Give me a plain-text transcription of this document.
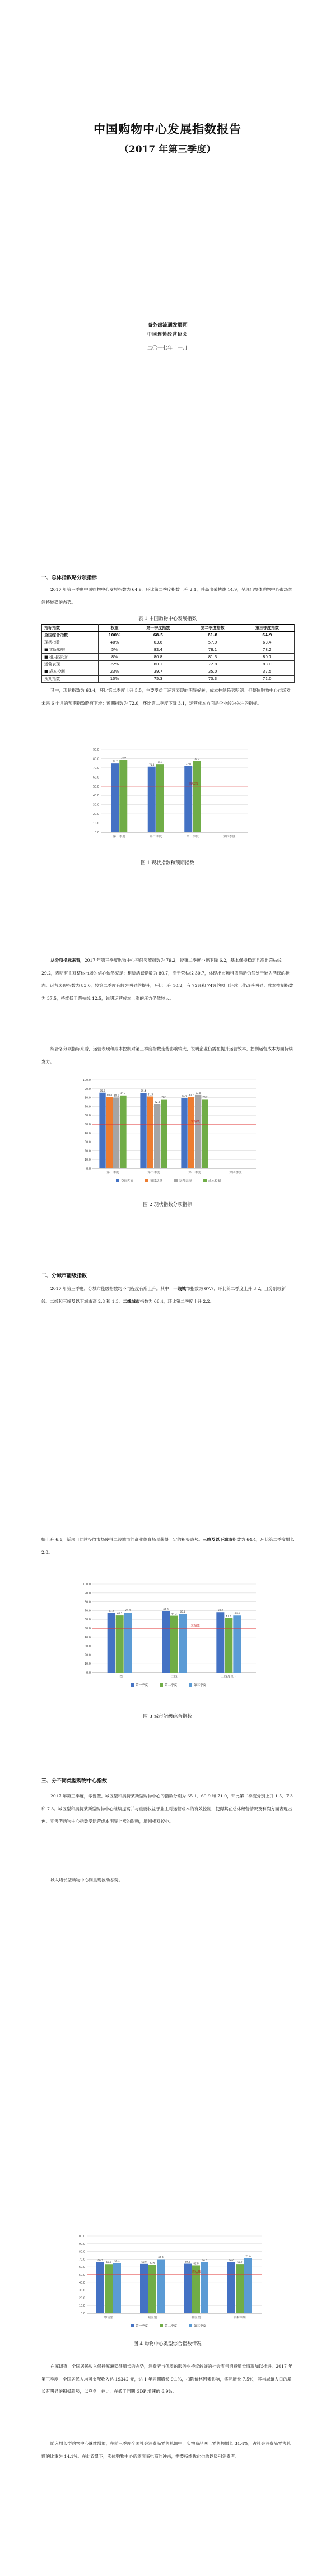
中国购物中心发展指数报告
（2017 年第三季度）
商务部流通发展司
中国连锁经营协会
二〇一七年十一月
一、总体指数略分项指标

2017 年第三季度中国购物中心发展指数为 64.9，环比第二季度指数上升 2.1，并高出荣枯线 14.9，呈现出整体购物中心市场继续持较稳的态势。

表 1 中国购物中心发展指数
指标指数	权重	第一季度指数	第二季度指数	第三季度指数
全国综合指数	100%	68.5	61.8	64.9
现状指数	40%	63.6	57.9	63.4
■ 实际收购	5%	82.4	78.1	78.2
■ 租用经纪所	8%	80.8	81.3	80.7
运营表现	22%	80.1	72.8	83.0
■ 成本控制	23%	39.7	35.0	37.5
预期指数	10%	75.3	73.3	72.0

其中，现状指数为 63.4，环比第二季度上升 5.5，主要受益于运营表现的明显好转，成本控制趋势明朗。但整体购物中心市场对未来 6 个月的预期指数略有下滑：预期指数为 72.0，环比第二季度下降 3.1，运营成本方面是企业较为关注的指标。

90.0
80.0
70.0
60.0
50.0
40.0
30.0
20.0
10.0
0.0
74.7
78.9
第一季度
71.3
74.1
第二季度
72.0
77.3
第三季度	第四季度
荣枯线
图 1 现状指数和预期指数

从分项指标来看，2017 年第三季度购物中心空间客流指数为 79.2，较第二季度小幅下降 6.2，基本保持稳定且高出荣枯线 29.2，表明有主对整体市场的信心依然充足；租赁活跃指数为 80.7，高于荣枯线 30.7，体现出市场租赁活动仍然处于较为活跃的状态。运营表现指数为 83.0，较第二季度有较为明显的提升，环比上升 10.2，有 72%和 74%的项目经营工作改善明显；成本控制指数为 37.5，持续低于荣枯线 12.5，说明运营成本上涨的压力仍然较大。

综合各分项指标来看，运营表现和成本控制对第三季度指数走势影响较大，说明企业仍需在提升运营效率、控制运营成本方面持续发力。

100.0
90.0
80.0
70.0
60.0
50.0
40.0
30.0
20.0
10.0
0.0
85.6
80.8 80.1
82.4
第一季度
85.4
81.3
72.8
78.1
第二季度
79.2 80.7
83.0
78.2
第三季度	第四季度
荣枯线
空间客流	租赁活跃	运营表现	成本控制
图 2 现状指数分项指标
二、分城市能级指数

2017 年第三季度，分城市能级指数均不同程度有所上升。其中：一线城市指数为 67.7，环比第二季度上升 3.2，且分别较新一线、二线和三线及以下城市高 2.8 和 1.3。二线城市指数为 66.4，环比第二季度上升 2.2。

幅上升 6.5，新项目陆续投放市场使得二线城市的商业体育场景获得一定的积极态势。三线及以下城市指数为 64.4，环比第二季度增长 2.8。

100.0
90.0
80.0
70.0
60.0
50.0
40.0
30.0
20.0
10.0
0.0
67.5
64.5
67.7
一线
69.3
64.2
66.4
二线
68.2
61.6
64.4
三线及以下
荣枯线
第一季度	第二季度	第三季度
图 3 城市能级综合指数
三、分不同类型购物中心指数

2017 年第三季度，零售型、城区型和奥特莱斯型购物中心的指数分别为 65.1、69.9 和 71.0，环比第二季度分别上升 1.5、7.3 和 7.3。城区型和奥特莱斯型购物中心继续提高并与重要收益于业主对运营成本的有效控制，使得其在总体经营情况及利润方面表现出色。零售型购物中心指数受运营成本明显上涨的影响，增幅相对较小。

城入增长型购物中心则呈现波动态势。

100.0
90.0
80.0
70.0
60.0
50.0
40.0
30.0
20.0
10.0
0.0
66.3
63.6 65.1
零售型
63.9 62.6
69.9
城区型
64.1
62.0
66.0
社区型
66.0
63.7
71.0
奥特莱斯
荣枯线
第一季度	第二季度	第三季度
图 4 购物中心类型综合指数情况

在库调查，全国居民收入保持厚薄稳健增长的态势，消费者与优质的服务业持续较好的社会零售消费增长情况加以推进。2017 年第三季度，全国居民人均可支配收入达 19342 元，达 1 年同期增长 9.1%，扣除价格因素影响，实际增长 7.5%，其与城镇人口的增长有明显的积极趋势，以户乡一并比，在低于同期 GDP 增速的 6.9%。

随入增长型购物中心继续增加，在前三季度全国社会消费品零售总额中，实物商品网上零售额增长 31.4%，占社会消费品零售总额的比重为 14.1%。在此背景下，实体购物中心仍然面临电商的冲击，需要持续优化供给以吸引消费者。
